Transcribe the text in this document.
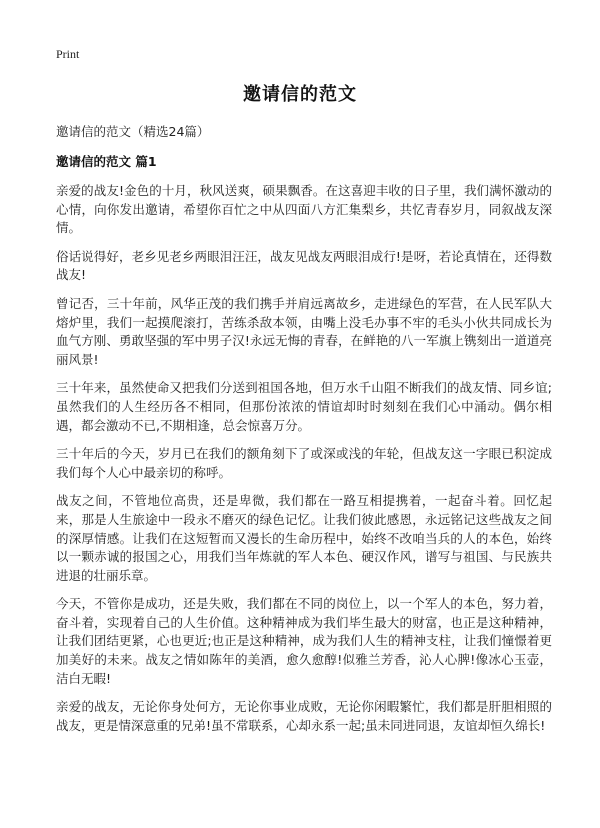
Print
邀请信的范文
邀请信的范文（精选24篇）
邀请信的范文 篇1

亲爱的战友!金色的十月，秋风送爽，硕果飘香。在这喜迎丰收的日子里，我们满怀激动的心情，向你发出邀请，希望你百忙之中从四面八方汇集梨乡，共忆青春岁月，同叙战友深情。

俗话说得好，老乡见老乡两眼泪汪汪，战友见战友两眼泪成行!是呀，若论真情在，还得数战友!

曾记否，三十年前，风华正茂的我们携手并肩远离故乡，走进绿色的军营，在人民军队大熔炉里，我们一起摸爬滚打，苦练杀敌本领，由嘴上没毛办事不牢的毛头小伙共同成长为血气方刚、勇敢坚强的军中男子汉!永远无悔的青春，在鲜艳的八一军旗上镌刻出一道道亮丽风景!

三十年来，虽然使命又把我们分送到祖国各地，但万水千山阻不断我们的战友情、同乡谊;虽然我们的人生经历各不相同，但那份浓浓的情谊却时时刻刻在我们心中涌动。偶尔相遇，都会激动不已,不期相逢，总会惊喜万分。

三十年后的今天，岁月已在我们的额角刻下了或深或浅的年轮，但战友这一字眼已积淀成我们每个人心中最亲切的称呼。

战友之间，不管地位高贵，还是卑微，我们都在一路互相提携着，一起奋斗着。回忆起来，那是人生旅途中一段永不磨灭的绿色记忆。让我们彼此感恩，永远铭记这些战友之间的深厚情感。让我们在这短暂而又漫长的生命历程中，始终不改咱当兵的人的本色，始终以一颗赤诚的报国之心，用我们当年炼就的军人本色、硬汉作风，谱写与祖国、与民族共进退的壮丽乐章。

今天，不管你是成功，还是失败，我们都在不同的岗位上，以一个军人的本色，努力着，奋斗着，实现着自己的人生价值。这种精神成为我们毕生最大的财富，也正是这种精神，让我们团结更紧，心也更近;也正是这种精神，成为我们人生的精神支柱，让我们憧憬着更加美好的未来。战友之情如陈年的美酒，愈久愈醇!似雅兰芳香，沁人心脾!像冰心玉壶，洁白无暇!

亲爱的战友，无论你身处何方，无论你事业成败，无论你闲暇繁忙，我们都是肝胆相照的战友，更是情深意重的兄弟!虽不常联系，心却永系一起;虽未同进同退，友谊却恒久绵长!
